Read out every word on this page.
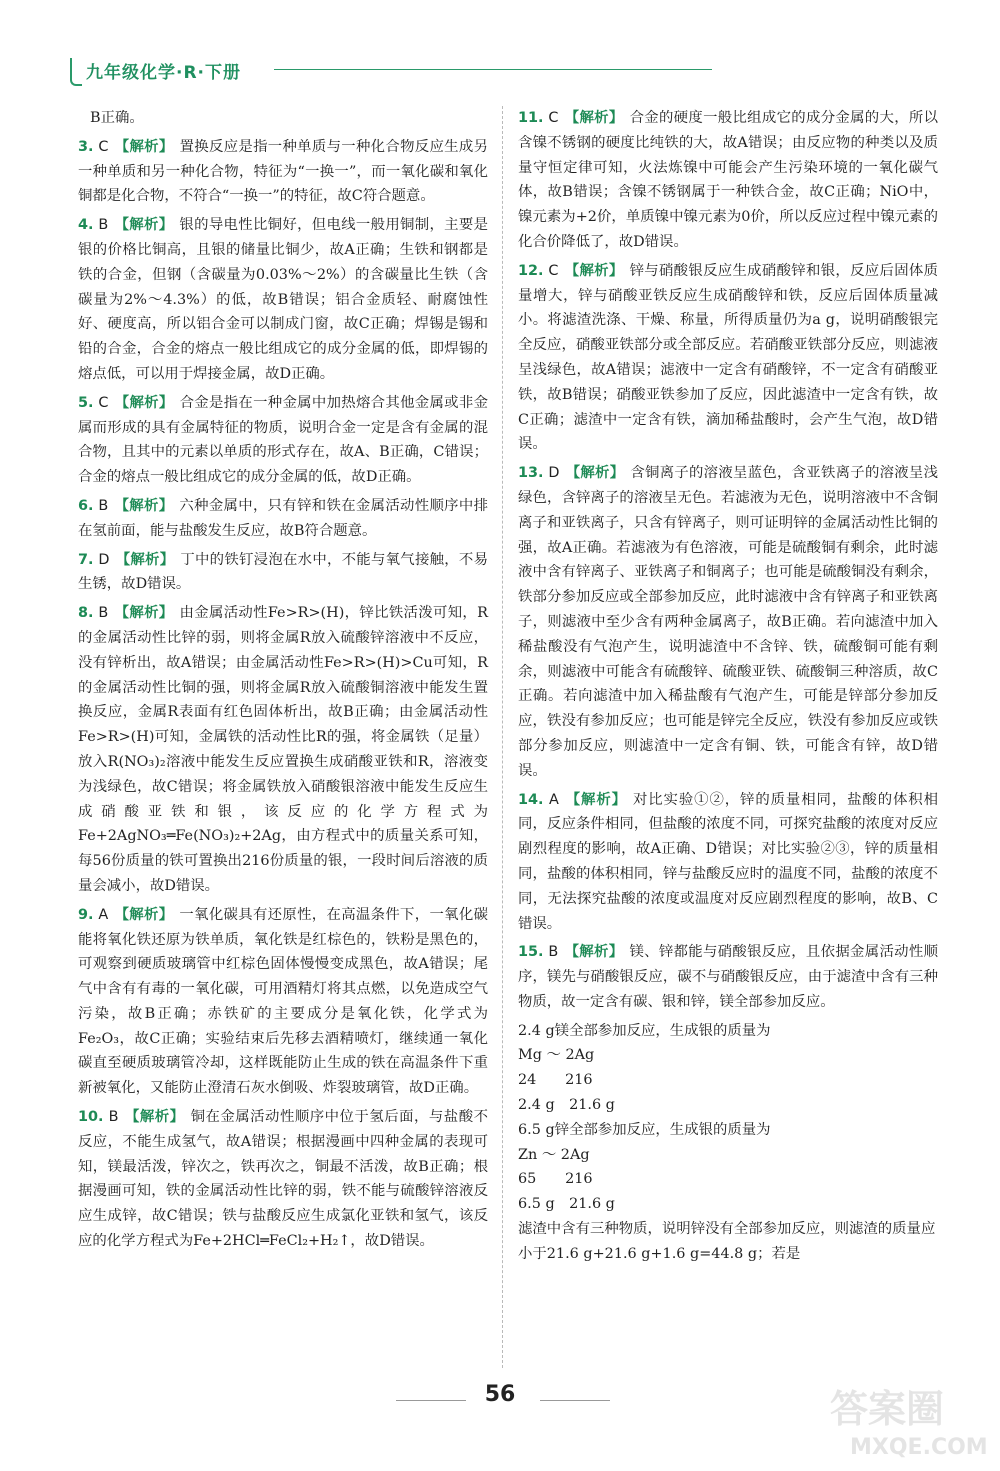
九年级化学·R·下册

B正确。

3. C 【解析】 置换反应是指一种单质与一种化合物反应生成另一种单质和另一种化合物，特征为“一换一”，而一氧化碳和氧化铜都是化合物，不符合“一换一”的特征，故C符合题意。

4. B 【解析】 银的导电性比铜好，但电线一般用铜制，主要是银的价格比铜高，且银的储量比铜少，故A正确；生铁和钢都是铁的合金，但钢（含碳量为0.03%～2%）的含碳量比生铁（含碳量为2%～4.3%）的低，故B错误；铝合金质轻、耐腐蚀性好、硬度高，所以铝合金可以制成门窗，故C正确；焊锡是锡和铅的合金，合金的熔点一般比组成它的成分金属的低，即焊锡的熔点低，可以用于焊接金属，故D正确。

5. C 【解析】 合金是指在一种金属中加热熔合其他金属或非金属而形成的具有金属特征的物质，说明合金一定是含有金属的混合物，且其中的元素以单质的形式存在，故A、B正确，C错误；合金的熔点一般比组成它的成分金属的低，故D正确。

6. B 【解析】 六种金属中，只有锌和铁在金属活动性顺序中排在氢前面，能与盐酸发生反应，故B符合题意。

7. D 【解析】 丁中的铁钉浸泡在水中，不能与氧气接触，不易生锈，故D错误。

8. B 【解析】 由金属活动性Fe>R>(H)，锌比铁活泼可知，R的金属活动性比锌的弱，则将金属R放入硫酸锌溶液中不反应，没有锌析出，故A错误；由金属活动性Fe>R>(H)>Cu可知，R的金属活动性比铜的强，则将金属R放入硫酸铜溶液中能发生置换反应，金属R表面有红色固体析出，故B正确；由金属活动性Fe>R>(H)可知，金属铁的活动性比R的强，将金属铁（足量）放入R(NO₃)₂溶液中能发生反应置换生成硝酸亚铁和R，溶液变为浅绿色，故C错误；将金属铁放入硝酸银溶液中能发生反应生成硝酸亚铁和银，该反应的化学方程式为Fe+2AgNO₃═Fe(NO₃)₂+2Ag，由方程式中的质量关系可知，每56份质量的铁可置换出216份质量的银，一段时间后溶液的质量会减小，故D错误。

9. A 【解析】 一氧化碳具有还原性，在高温条件下，一氧化碳能将氧化铁还原为铁单质，氧化铁是红棕色的，铁粉是黑色的，可观察到硬质玻璃管中红棕色固体慢慢变成黑色，故A错误；尾气中含有有毒的一氧化碳，可用酒精灯将其点燃，以免造成空气污染，故B正确；赤铁矿的主要成分是氧化铁，化学式为Fe₂O₃，故C正确；实验结束后先移去酒精喷灯，继续通一氧化碳直至硬质玻璃管冷却，这样既能防止生成的铁在高温条件下重新被氧化，又能防止澄清石灰水倒吸、炸裂玻璃管，故D正确。

10. B 【解析】 铜在金属活动性顺序中位于氢后面，与盐酸不反应，不能生成氢气，故A错误；根据漫画中四种金属的表现可知，镁最活泼，锌次之，铁再次之，铜最不活泼，故B正确；根据漫画可知，铁的金属活动性比锌的弱，铁不能与硫酸锌溶液反应生成锌，故C错误；铁与盐酸反应生成氯化亚铁和氢气，该反应的化学方程式为Fe+2HCl═FeCl₂+H₂↑，故D错误。

11. C 【解析】 合金的硬度一般比组成它的成分金属的大，所以含镍不锈钢的硬度比纯铁的大，故A错误；由反应物的种类以及质量守恒定律可知，火法炼镍中可能会产生污染环境的一氧化碳气体，故B错误；含镍不锈钢属于一种铁合金，故C正确；NiO中，镍元素为+2价，单质镍中镍元素为0价，所以反应过程中镍元素的化合价降低了，故D错误。

12. C 【解析】 锌与硝酸银反应生成硝酸锌和银，反应后固体质量增大，锌与硝酸亚铁反应生成硝酸锌和铁，反应后固体质量减小。将滤渣洗涤、干燥、称量，所得质量仍为a g，说明硝酸银完全反应，硝酸亚铁部分或全部反应。若硝酸亚铁部分反应，则滤液呈浅绿色，故A错误；滤液中一定含有硝酸锌，不一定含有硝酸亚铁，故B错误；硝酸亚铁参加了反应，因此滤渣中一定含有铁，故C正确；滤渣中一定含有铁，滴加稀盐酸时，会产生气泡，故D错误。

13. D 【解析】 含铜离子的溶液呈蓝色，含亚铁离子的溶液呈浅绿色，含锌离子的溶液呈无色。若滤液为无色，说明溶液中不含铜离子和亚铁离子，只含有锌离子，则可证明锌的金属活动性比铜的强，故A正确。若滤液为有色溶液，可能是硫酸铜有剩余，此时滤液中含有锌离子、亚铁离子和铜离子；也可能是硫酸铜没有剩余，铁部分参加反应或全部参加反应，此时滤液中含有锌离子和亚铁离子，则滤液中至少含有两种金属离子，故B正确。若向滤渣中加入稀盐酸没有气泡产生，说明滤渣中不含锌、铁，硫酸铜可能有剩余，则滤液中可能含有硫酸锌、硫酸亚铁、硫酸铜三种溶质，故C正确。若向滤渣中加入稀盐酸有气泡产生，可能是锌部分参加反应，铁没有参加反应；也可能是锌完全反应，铁没有参加反应或铁部分参加反应，则滤渣中一定含有铜、铁，可能含有锌，故D错误。

14. A 【解析】 对比实验①②，锌的质量相同，盐酸的体积相同，反应条件相同，但盐酸的浓度不同，可探究盐酸的浓度对反应剧烈程度的影响，故A正确、D错误；对比实验②③，锌的质量相同，盐酸的体积相同，锌与盐酸反应时的温度不同，盐酸的浓度不同，无法探究盐酸的浓度或温度对反应剧烈程度的影响，故B、C错误。

15. B 【解析】 镁、锌都能与硝酸银反应，且依据金属活动性顺序，镁先与硝酸银反应，碳不与硝酸银反应，由于滤渣中含有三种物质，故一定含有碳、银和锌，镁全部参加反应。

2.4 g镁全部参加反应，生成银的质量为

Mg ～ 2Ag

24　　216

2.4 g　21.6 g

6.5 g锌全部参加反应，生成银的质量为

Zn ～ 2Ag

65　　216

6.5 g　21.6 g

滤渣中含有三种物质，说明锌没有全部参加反应，则滤渣的质量应小于21.6 g+21.6 g+1.6 g=44.8 g；若是

56	答案圈
MXQE.COM
